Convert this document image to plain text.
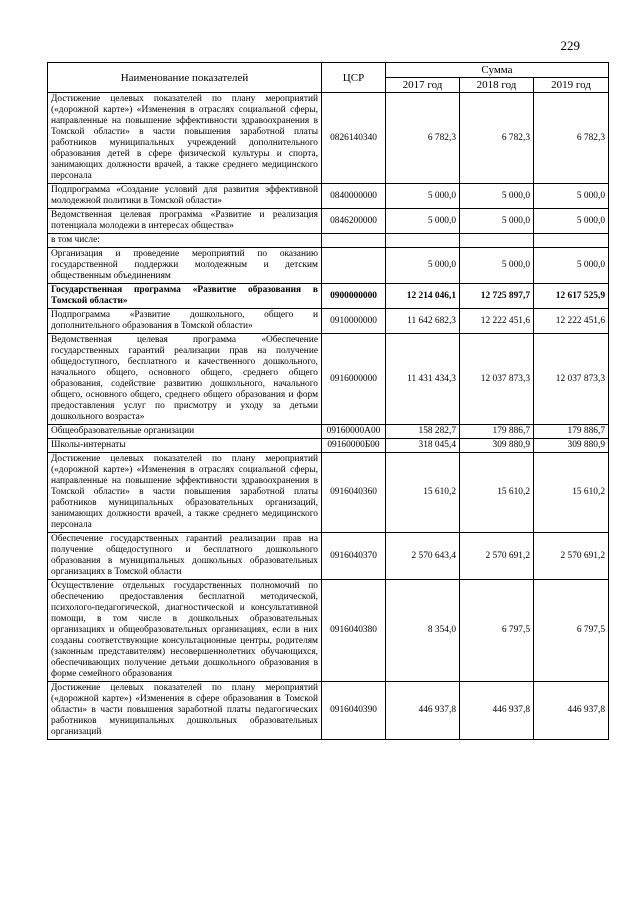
229
Наименование показателей	ЦСР	Сумма		
		2017 год	2018 год	2019 год
Достижение целевых показателей по плану мероприятий («дорожной карте») «Изменения в отраслях социальной сферы, направленные на повышение эффективности здравоохранения в Томской области» в части повышения заработной платы работников муниципальных учреждений дополнительного образования детей в сфере физической культуры и спорта, занимающих должности врачей, а также среднего медицинского персонала	0826140340	6 782,3	6 782,3	6 782,3
Подпрограмма «Создание условий для развития эффективной молодежной политики в Томской области»	0840000000	5 000,0	5 000,0	5 000,0
Ведомственная целевая программа «Развитие и реализация потенциала молодежи в интересах общества»	0846200000	5 000,0	5 000,0	5 000,0
в том числе:				
Организация и проведение мероприятий по оказанию государственной поддержки молодежным и детским общественным объединениям		5 000,0	5 000,0	5 000,0
Государственная программа «Развитие образования в Томской области»	0900000000	12 214 046,1	12 725 897,7	12 617 525,9
Подпрограмма «Развитие дошкольного, общего и дополнительного образования в Томской области»	0910000000	11 642 682,3	12 222 451,6	12 222 451,6
Ведомственная целевая программа «Обеспечение государственных гарантий реализации прав на получение общедоступного, бесплатного и качественного дошкольного, начального общего, основного общего, среднего общего образования, содействие развитию дошкольного, начального общего, основного общего, среднего общего образования и форм предоставления услуг по присмотру и уходу за детьми дошкольного возраста»	0916000000	11 431 434,3	12 037 873,3	12 037 873,3
Общеобразовательные организации	09160000A00	158 282,7	179 886,7	179 886,7
Школы-интернаты	09160000Б00	318 045,4	309 880,9	309 880,9
Достижение целевых показателей по плану мероприятий («дорожной карте») «Изменения в отраслях социальной сферы, направленные на повышение эффективности здравоохранения в Томской области» в части повышения заработной платы работников муниципальных образовательных организаций, занимающих должности врачей, а также среднего медицинского персонала	0916040360	15 610,2	15 610,2	15 610,2
Обеспечение государственных гарантий реализации прав на получение общедоступного и бесплатного дошкольного образования в муниципальных дошкольных образовательных организациях в Томской области	0916040370	2 570 643,4	2 570 691,2	2 570 691,2
Осуществление отдельных государственных полномочий по обеспечению предоставления бесплатной методической, психолого-педагогической, диагностической и консультативной помощи, в том числе в дошкольных образовательных организациях и общеобразовательных организациях, если в них созданы соответствующие консультационные центры, родителям (законным представителям) несовершеннолетних обучающихся, обеспечивающих получение детьми дошкольного образования в форме семейного образования	0916040380	8 354,0	6 797,5	6 797,5
Достижение целевых показателей по плану мероприятий («дорожной карте») «Изменения в сфере образования в Томской области» в части повышения заработной платы педагогических работников муниципальных дошкольных образовательных организаций	0916040390	446 937,8	446 937,8	446 937,8
